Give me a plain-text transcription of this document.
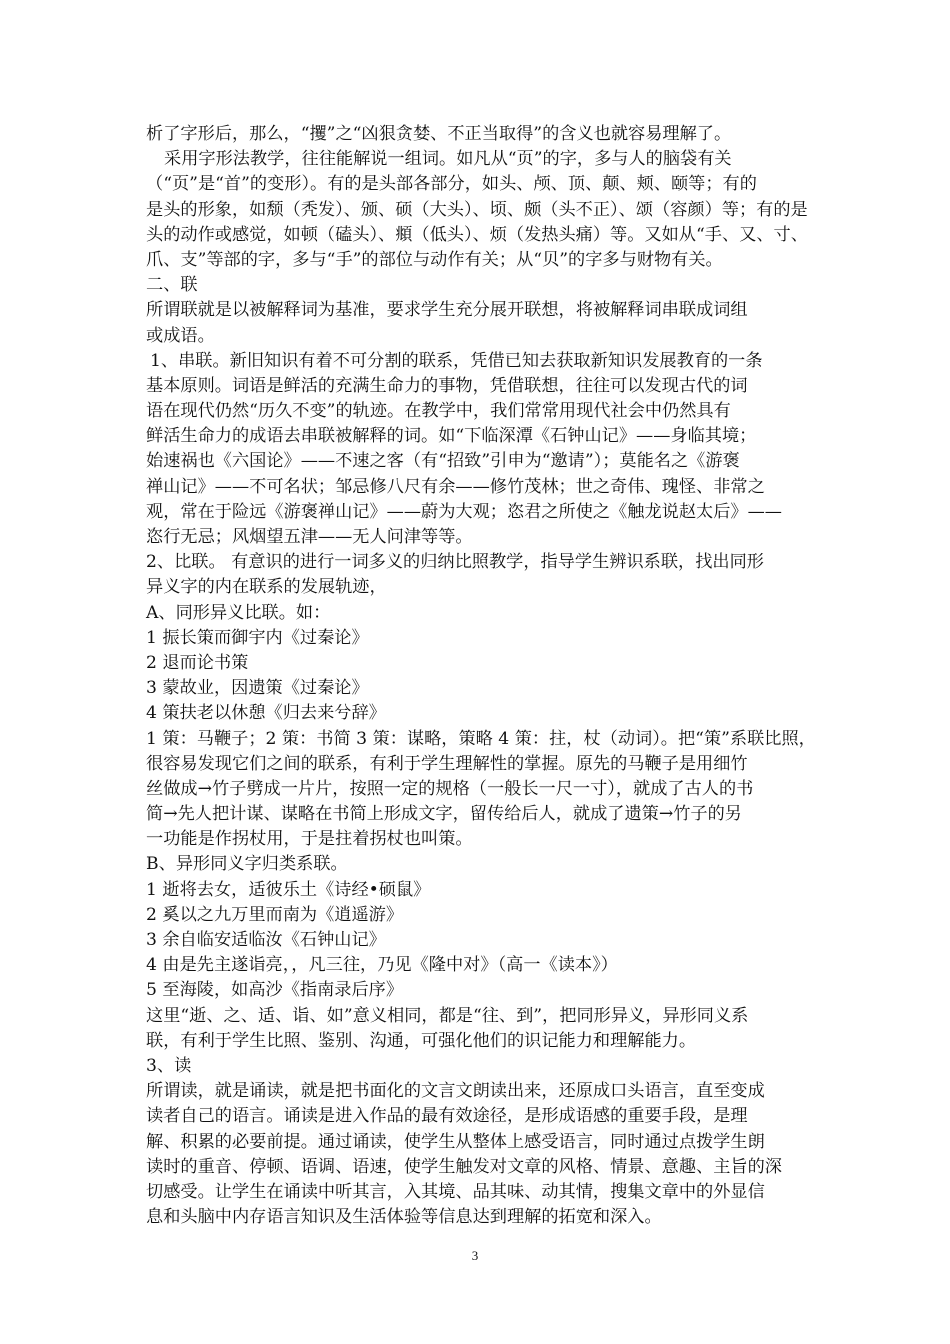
析了字形后，那么，“攫”之“凶狠贪婪、不正当取得”的含义也就容易理解了。
采用字形法教学，往往能解说一组词。如凡从“页”的字，多与人的脑袋有关
（“页”是“首”的变形）。有的是头部各部分，如头、颅、顶、颠、颊、颐等；有的
是头的形象，如颓（秃发）、颁、硕（大头）、顷、颇（头不正）、颂（容颜）等；有的是
头的动作或感觉，如顿（磕头）、頫（低头）、烦（发热头痛）等。又如从“手、又、寸、
爪、支”等部的字，多与“手”的部位与动作有关；从“贝”的字多与财物有关。
二、联
所谓联就是以被解释词为基准，要求学生充分展开联想，将被解释词串联成词组
或成语。
1、串联。新旧知识有着不可分割的联系，凭借已知去获取新知识发展教育的一条
基本原则。词语是鲜活的充满生命力的事物，凭借联想，往往可以发现古代的词
语在现代仍然“历久不变”的轨迹。在教学中，我们常常用现代社会中仍然具有
鲜活生命力的成语去串联被解释的词。如“下临深潭《石钟山记》——身临其境；
始速祸也《六国论》——不速之客（有“招致”引申为“邀请”）；莫能名之《游褒
禅山记》——不可名状；邹忌修八尺有余——修竹茂林；世之奇伟、瑰怪、非常之
观，常在于险远《游褒禅山记》——蔚为大观；恣君之所使之《触龙说赵太后》——
恣行无忌；风烟望五津——无人问津等等。
2、比联。 有意识的进行一词多义的归纳比照教学，指导学生辨识系联，找出同形
异义字的内在联系的发展轨迹，
A、同形异义比联。如：
1 振长策而御宇内《过秦论》
2 退而论书策
3 蒙故业，因遗策《过秦论》
4 策扶老以休憩《归去来兮辞》
1 策：马鞭子；2 策：书简 3 策：谋略，策略 4 策：拄，杖（动词）。把“策”系联比照，
很容易发现它们之间的联系，有利于学生理解性的掌握。原先的马鞭子是用细竹
丝做成→竹子劈成一片片，按照一定的规格（一般长一尺一寸），就成了古人的书
简→先人把计谋、谋略在书简上形成文字，留传给后人，就成了遗策→竹子的另
一功能是作拐杖用，于是拄着拐杖也叫策。
B、异形同义字归类系联。
1 逝将去女，适彼乐土《诗经•硕鼠》
2 奚以之九万里而南为《逍遥游》
3 余自临安适临汝《石钟山记》
4 由是先主遂诣亮，，凡三往，乃见《隆中对》（高一《读本》）
5 至海陵，如高沙《指南录后序》
这里“逝、之、适、诣、如”意义相同，都是“往、到”，把同形异义，异形同义系
联，有利于学生比照、鉴别、沟通，可强化他们的识记能力和理解能力。
3、读
所谓读，就是诵读，就是把书面化的文言文朗读出来，还原成口头语言，直至变成
读者自己的语言。诵读是进入作品的最有效途径，是形成语感的重要手段，是理
解、积累的必要前提。通过诵读，使学生从整体上感受语言，同时通过点拨学生朗
读时的重音、停顿、语调、语速，使学生触发对文章的风格、情景、意趣、主旨的深
切感受。让学生在诵读中听其言，入其境、品其味、动其情，搜集文章中的外显信
息和头脑中内存语言知识及生活体验等信息达到理解的拓宽和深入。
3
